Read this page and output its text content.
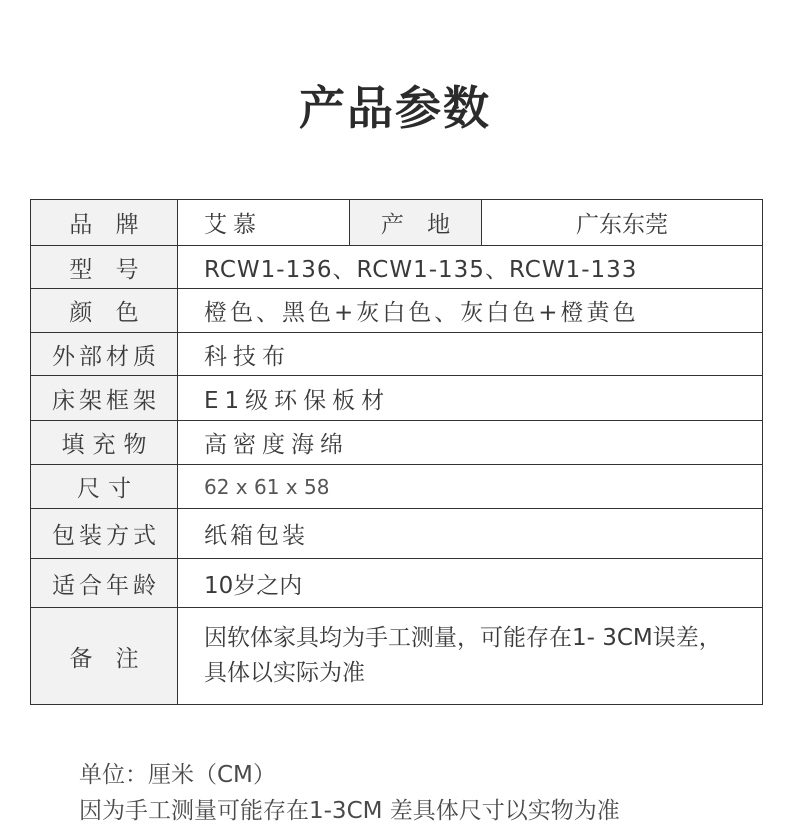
产品参数
品 牌	艾慕	产 地	广东东莞
型 号	RCW1-136、RCW1-135、RCW1-133		
颜 色	橙色、黑色+灰白色、灰白色+橙黄色		
外部材质	科技布		
床架框架	E1级环保板材		
填充物	高密度海绵		
尺寸	62 x 61 x 58		
包装方式	纸箱包装		
适合年龄	10岁之内		
备 注	因软体家具均为手工测量，可能存在1- 3CM误差，具体以实际为准		
单位：厘米（CM）
因为手工测量可能存在1-3CM 差具体尺寸以实物为准
